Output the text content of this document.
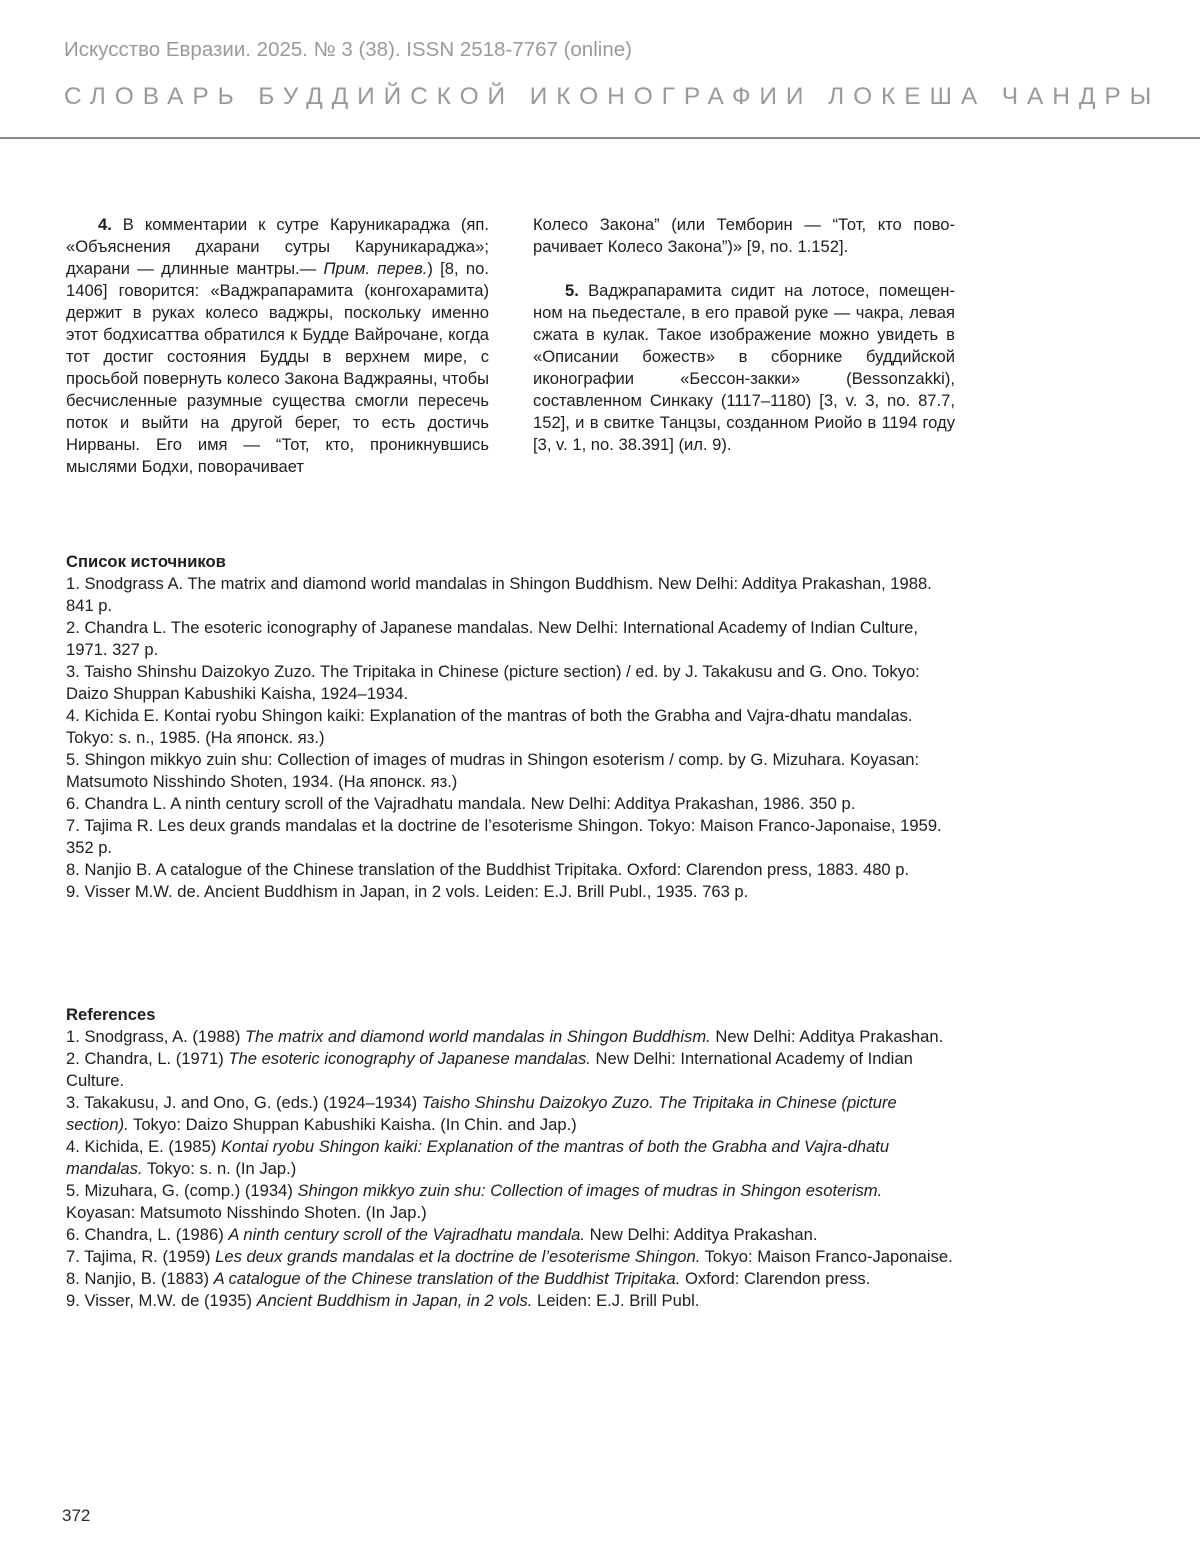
Искусство Евразии. 2025. № 3 (38). ISSN 2518-7767 (online)
СЛОВАРЬ БУДДИЙСКОЙ ИКОНОГРАФИИ ЛОКЕША ЧАНДРЫ

4. В комментарии к сутре Каруникараджа (яп. «Объяснения дхарани сутры Каруникараджа»; дхарани — длинные мантры.— Прим. перев.) [8, no. 1406] говорится: «Ваджрапарамита (конгохарамита) держит в руках колесо ваджры, поскольку именно этот бодхисаттва обратился к Будде Вайрочане, когда тот достиг состояния Будды в верхнем мире, с просьбой повернуть колесо Закона Ваджраяны, чтобы бесчисленные разумные существа смогли пересечь поток и выйти на другой берег, то есть достичь Нирваны. Его имя — “Тот, кто, проникнувшись мыслями Бодхи, поворачивает

Колесо Закона” (или Темборин — “Тот, кто поворачивает Колесо Закона”)» [9, no. 1.152].

5. Ваджрапарамита сидит на лотосе, помещенном на пьедестале, в его правой руке — чакра, левая сжата в кулак. Такое изображение можно увидеть в «Описании божеств» в сборнике буддийской иконографии «Бессон-закки» (Bessonzakki), составленном Синкаку (1117–1180) [3, v. 3, no. 87.7, 152], и в свитке Танцзы, созданном Риойо в 1194 году [3, v. 1, no. 38.391] (ил. 9).

Список источников
1. Snodgrass A. The matrix and diamond world mandalas in Shingon Buddhism. New Delhi: Additya Prakashan, 1988. 841 p.
2. Chandra L. The esoteric iconography of Japanese mandalas. New Delhi: International Academy of Indian Culture, 1971. 327 p.
3. Taisho Shinshu Daizokyo Zuzo. The Tripitaka in Chinese (picture section) / ed. by J. Takakusu and G. Ono. Tokyo: Daizo Shuppan Kabushiki Kaisha, 1924–1934.
4. Kichida E. Kontai ryobu Shingon kaiki: Explanation of the mantras of both the Grabha and Vajra-dhatu mandalas. Tokyo: s. n., 1985. (На японск. яз.)
5. Shingon mikkyo zuin shu: Collection of images of mudras in Shingon esoterism / comp. by G. Mizuhara. Koyasan: Matsumoto Nisshindo Shoten, 1934. (На японск. яз.)
6. Chandra L. A ninth century scroll of the Vajradhatu mandala. New Delhi: Additya Prakashan, 1986. 350 p.
7. Tajima R. Les deux grands mandalas et la doctrine de l’esoterisme Shingon. Tokyo: Maison Franco-Japonaise, 1959. 352 p.
8. Nanjio B. A catalogue of the Chinese translation of the Buddhist Tripitaka. Oxford: Clarendon press, 1883. 480 p.
9. Visser M.W. de. Ancient Buddhism in Japan, in 2 vols. Leiden: E.J. Brill Publ., 1935. 763 p.
References
1. Snodgrass, A. (1988) The matrix and diamond world mandalas in Shingon Buddhism. New Delhi: Additya Prakashan.
2. Chandra, L. (1971) The esoteric iconography of Japanese mandalas. New Delhi: International Academy of Indian Culture.
3. Takakusu, J. and Ono, G. (eds.) (1924–1934) Taisho Shinshu Daizokyo Zuzo. The Tripitaka in Chinese (picture section). Tokyo: Daizo Shuppan Kabushiki Kaisha. (In Chin. and Jap.)
4. Kichida, E. (1985) Kontai ryobu Shingon kaiki: Explanation of the mantras of both the Grabha and Vajra-dhatu mandalas. Tokyo: s. n. (In Jap.)
5. Mizuhara, G. (comp.) (1934) Shingon mikkyo zuin shu: Collection of images of mudras in Shingon esoterism. Koyasan: Matsumoto Nisshindo Shoten. (In Jap.)
6. Chandra, L. (1986) A ninth century scroll of the Vajradhatu mandala. New Delhi: Additya Prakashan.
7. Tajima, R. (1959) Les deux grands mandalas et la doctrine de l’esoterisme Shingon. Tokyo: Maison Franco-Japonaise.
8. Nanjio, B. (1883) A catalogue of the Chinese translation of the Buddhist Tripitaka. Oxford: Clarendon press.
9. Visser, M.W. de (1935) Ancient Buddhism in Japan, in 2 vols. Leiden: E.J. Brill Publ.
372
